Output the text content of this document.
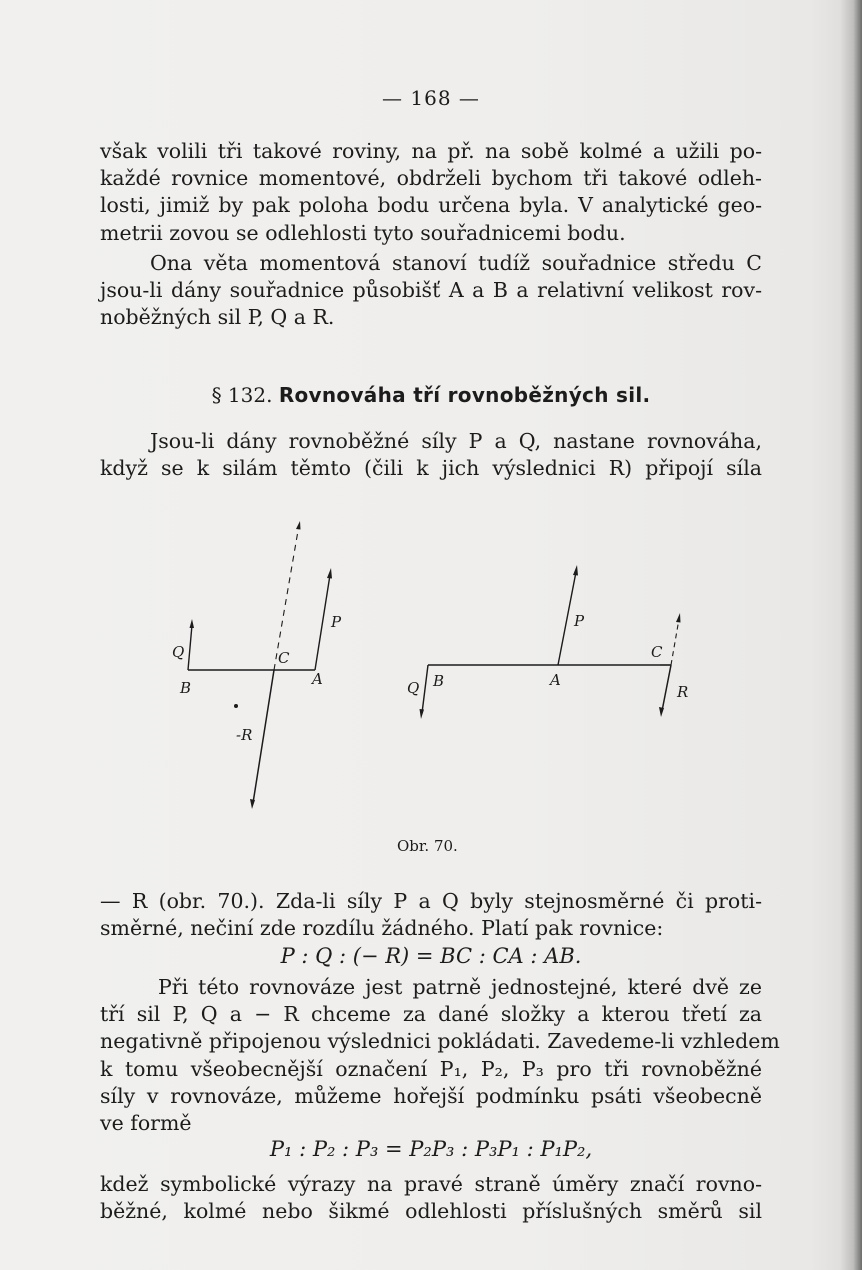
— 168 —
však volili tři takové roviny, na př. na sobě kolmé a užili po-
každé rovnice momentové, obdrželi bychom tři takové odleh-
losti, jimiž by pak poloha bodu určena byla. V analytické geo-
metrii zovou se odlehlosti tyto souřadnicemi bodu.
Ona věta momentová stanoví tudíž souřadnice středu C
jsou-li dány souřadnice působišť A a B a relativní velikost rov-
noběžných sil P, Q a R.
§ 132. Rovnováha tří rovnoběžných sil.
Jsou-li dány rovnoběžné síly P a Q, nastane rovnováha,
když se k silám těmto (čili k jich výslednici R) připojí síla
Q
B
C
P
A
-R
Q B	A
P
C
R
Obr. 70.
— R (obr. 70.). Zda-li síly P a Q byly stejnosměrné či proti-
směrné, nečiní zde rozdílu žádného. Platí pak rovnice:
P : Q : (− R) = BC : CA : AB.
Při této rovnováze jest patrně jednostejné, které dvě ze
tří sil P, Q a − R chceme za dané složky a kterou třetí za
negativně připojenou výslednici pokládati. Zavedeme-li vzhledem
k tomu všeobecnější označení P₁, P₂, P₃ pro tři rovnoběžné
síly v rovnováze, můžeme hořejší podmínku psáti všeobecně
ve formě
P₁ : P₂ : P₃ = P₂P₃ : P₃P₁ : P₁P₂,
kdež symbolické výrazy na pravé straně úměry značí rovno-
běžné, kolmé nebo šikmé odlehlosti příslušných směrů sil
